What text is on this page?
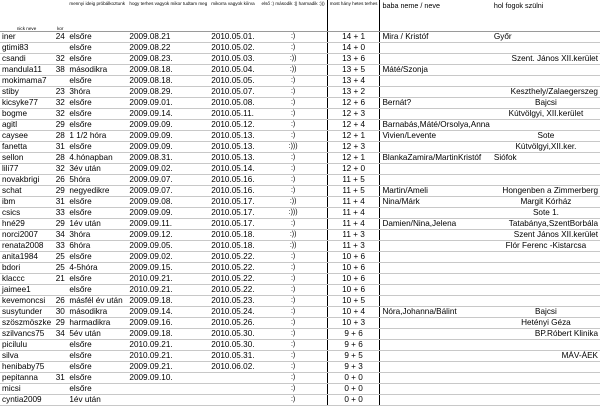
nick neve	kor	mennyi ideig próbálkoztunk	hogy terhes vagyok mikor tudtam meg	mikorra vagyok kiírva	első :) második :|| harmadik :)))	most hány hetes terhes	baba neme / neve	hol fogok szülni
iner	24	elsőre	2009.08.21	2010.05.01.	:)	14 + 1	Mira / Kristóf	Győr
gtimi83		elsőre	2009.08.22	2010.05.02.	:)	14 + 0		
csandi	32	elsőre	2009.08.23.	2010.05.03.	:))	13 + 6		Szent. János XII.kerület
mandula11	38	másodikra	2009.08.18.	2010.05.04.	:))	13 + 5	Máté/Szonja	
mokimama7		elsőre	2009.08.18.	2010.05.05.	:)	13 + 4		
stiby	23	3hóra	2009.08.29.	2010.05.07.	:)	13 + 2		Keszthely/Zalaegerszeg
kicsyke77	32	elsőre	2009.09.01.	2010.05.08.	:)	12 + 6	Bernát?	Bajcsi
bogme	32	elsőre	2009.09.14.	2010.05.11.	:)	12 + 3		Kútvölgyi, XII.kerület
agitl	29	elsőre	2009.09.09.	2010.05.12.	:)	12 + 4	Barnabás,Máté/Orsolya,Anna	
caysee	28	1 1/2 hóra	2009.09.09.	2010.05.13.	:)	12 + 1	Vivien/Levente	Sote
fanetta	31	elsőre	2009.09.09.	2010.05.13.	:)))	12 + 3		Kútvölgyi,XII.ker.
sellon	28	4.hónapban	2009.08.31.	2010.05.13.	:)	12 + 1	BlankaZamira/MartinKristóf	Siófok
lili77	32	3év után	2009.09.02.	2010.05.14.	:)	12 + 0		
novakbrigi	26	5hóra	2009.09.07.	2010.05.16.	:)	11 + 5		
schat	29	negyedikre	2009.09.07.	2010.05.16.	:)	11 + 5	Martin/Ameli	Hongenben a Zimmerberg
ibm	31	elsőre	2009.09.08.	2010.05.17.	:))	11 + 4	Nina/Márk	Margit Kórház
csics	33	elsőre	2009.09.09.	2010.05.17.	:)))	11 + 4		Sote 1.
hné29	29	1év után	2009.09.11.	2010.05.17.	:)	11 + 4	Damien/Nina,Jelena	Tatabánya,SzentBorbála
norci2007	34	3hóra	2009.09.12.	2010.05.18.	:))	11 + 3		Szent János XII.kerület
renata2008	33	6hóra	2009.09.05.	2010.05.18.	:))	11 + 3		Flór Ferenc -Kistarcsa
anita1984	25	elsőre	2009.09.02.	2010.05.22.	:)	10 + 6		
bdori	25	4-5hóra	2009.09.15.	2010.05.22.	:)	10 + 6		
klaccc	21	elsőre	2010.09.21.	2010.05.22.	:)	10 + 6		
jaimee1		elsőre	2010.09.21.	2010.05.22.	:)	10 + 6		
kevemoncsi	26	másfél év után	2009.09.18.	2010.05.23.	:)	10 + 5		
susytunder	30	másodikra	2009.09.14.	2010.05.24.	:)	10 + 4	Nóra,Johanna/Bálint	Bajcsi
szöszmöszke	29	harmadikra	2009.09.16.	2010.05.26.	:)	10 + 3		Hetényi Géza
szilvancs75	34	5év után	2009.09.18.	2010.05.30.	:)	9 + 6		BP.Róbert Klinika
picilulu		elsőre	2010.09.21.	2010.05.30.	:)	9 + 6		
silva		elsőre	2010.09.21.	2010.05.31.	:)	9 + 5		MÁV-ÁEK
henibaby75		elsőre	2009.09.21.	2010.06.02.	:)	9 + 3		
pepitanna	31	elsőre	2009.09.10.		:)	0 + 0		
micsi		elsőre			:)	0 + 0		
cyntia2009		1év után			:)	0 + 0		
